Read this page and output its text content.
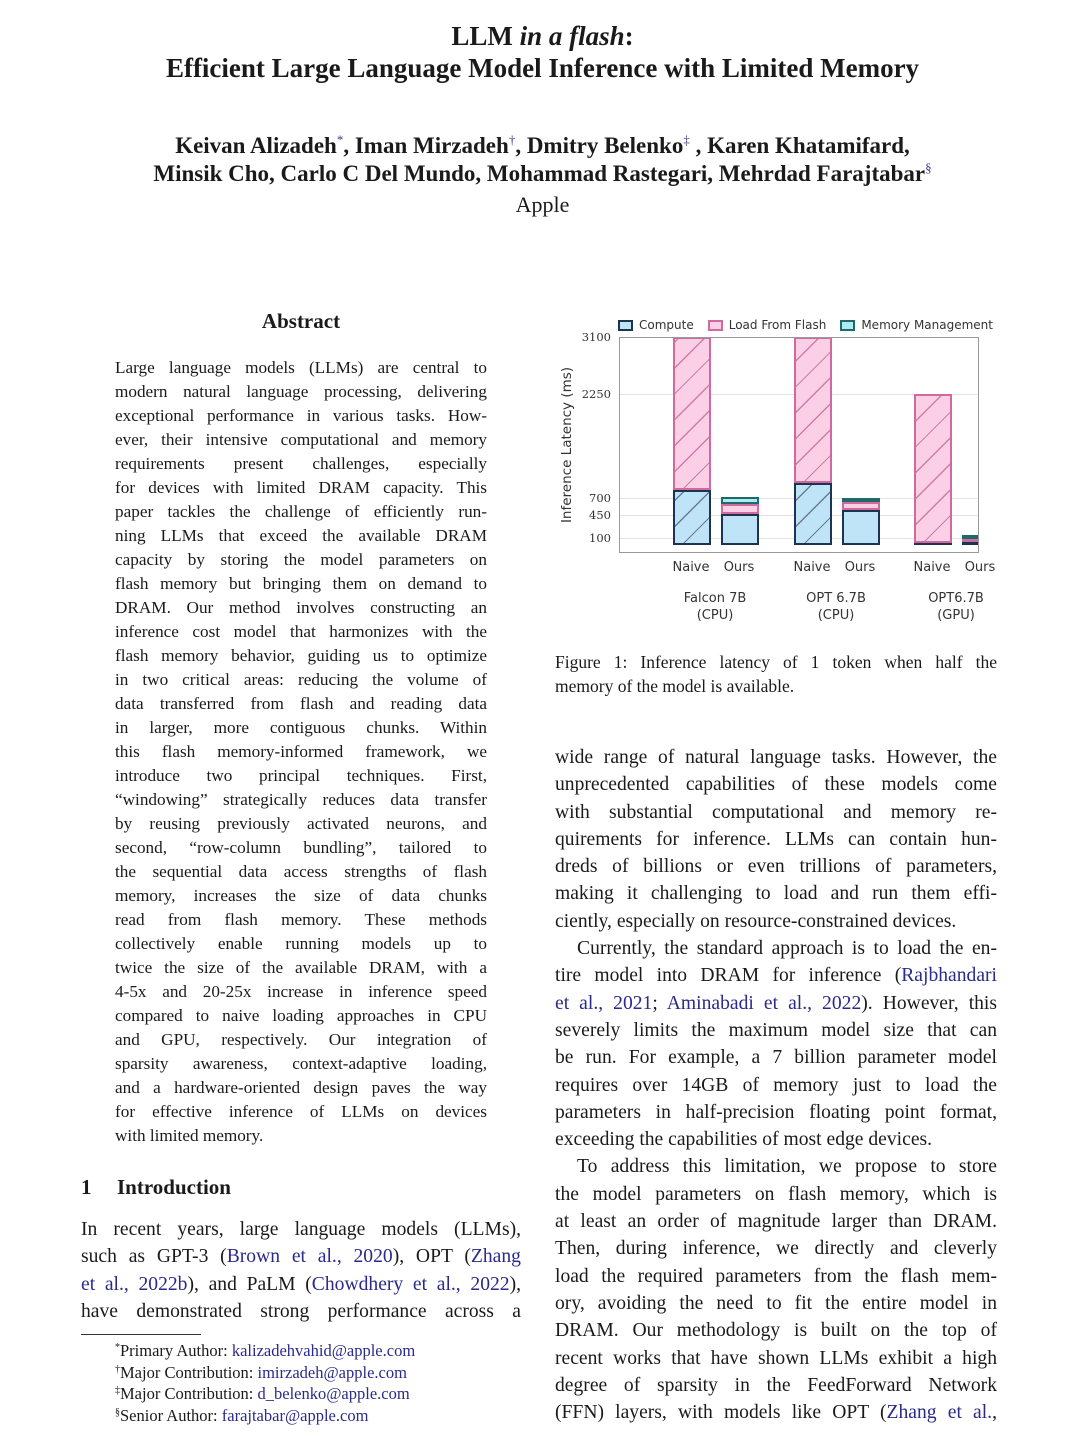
LLM in a flash:
Efficient Large Language Model Inference with Limited Memory
Keivan Alizadeh*, Iman Mirzadeh†, Dmitry Belenko‡ , Karen Khatamifard,
Minsik Cho, Carlo C Del Mundo, Mohammad Rastegari, Mehrdad Farajtabar§
Apple
Abstract
Large language models (LLMs) are central to
modern natural language processing, delivering
exceptional performance in various tasks. How-
ever, their intensive computational and memory
requirements present challenges, especially
for devices with limited DRAM capacity. This
paper tackles the challenge of efficiently run-
ning LLMs that exceed the available DRAM
capacity by storing the model parameters on
flash memory but bringing them on demand to
DRAM. Our method involves constructing an
inference cost model that harmonizes with the
flash memory behavior, guiding us to optimize
in two critical areas: reducing the volume of
data transferred from flash and reading data
in larger, more contiguous chunks. Within
this flash memory-informed framework, we
introduce two principal techniques. First,
“windowing” strategically reduces data transfer
by reusing previously activated neurons, and
second, “row-column bundling”, tailored to
the sequential data access strengths of flash
memory, increases the size of data chunks
read from flash memory. These methods
collectively enable running models up to
twice the size of the available DRAM, with a
4-5x and 20-25x increase in inference speed
compared to naive loading approaches in CPU
and GPU, respectively. Our integration of
sparsity awareness, context-adaptive loading,
and a hardware-oriented design paves the way
for effective inference of LLMs on devices
with limited memory.
1 Introduction
In recent years, large language models (LLMs),
such as GPT-3 (Brown et al., 2020), OPT (Zhang
et al., 2022b), and PaLM (Chowdhery et al., 2022),
have demonstrated strong performance across a
*Primary Author: kalizadehvahid@apple.com
†Major Contribution: imirzadeh@apple.com
‡Major Contribution: d_belenko@apple.com
§Senior Author: farajtabar@apple.com
Compute	Load From Flash	Memory Management
Inference Latency (ms)
100
450
700
2250
3100
Naive Ours	Naive Ours	Naive Ours
Falcon 7B
(CPU)
OPT 6.7B
(CPU)
OPT6.7B
(GPU)
Figure 1: Inference latency of 1 token when half the
memory of the model is available.
wide range of natural language tasks. However, the
unprecedented capabilities of these models come
with substantial computational and memory re-
quirements for inference. LLMs can contain hun-
dreds of billions or even trillions of parameters,
making it challenging to load and run them effi-
ciently, especially on resource-constrained devices.
Currently, the standard approach is to load the en-
tire model into DRAM for inference (Rajbhandari
et al., 2021; Aminabadi et al., 2022). However, this
severely limits the maximum model size that can
be run. For example, a 7 billion parameter model
requires over 14GB of memory just to load the
parameters in half-precision floating point format,
exceeding the capabilities of most edge devices.
To address this limitation, we propose to store
the model parameters on flash memory, which is
at least an order of magnitude larger than DRAM.
Then, during inference, we directly and cleverly
load the required parameters from the flash mem-
ory, avoiding the need to fit the entire model in
DRAM. Our methodology is built on the top of
recent works that have shown LLMs exhibit a high
degree of sparsity in the FeedForward Network
(FFN) layers, with models like OPT (Zhang et al.,
